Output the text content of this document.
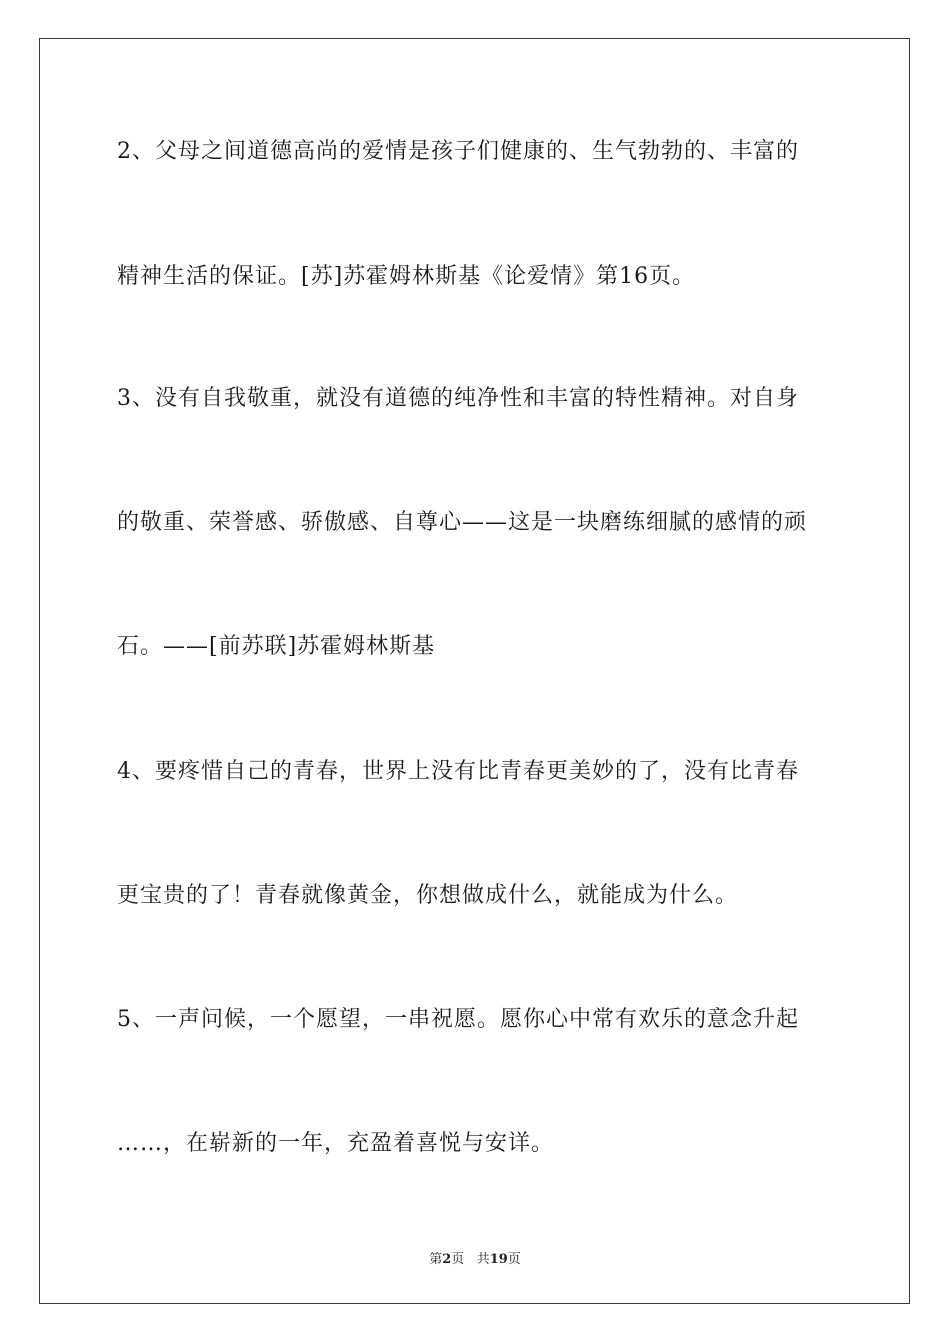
2、父母之间道德高尚的爱情是孩子们健康的、生气勃勃的、丰富的
精神生活的保证。[苏]苏霍姆林斯基《论爱情》第16页。
3、没有自我敬重，就没有道德的纯净性和丰富的特性精神。对自身
的敬重、荣誉感、骄傲感、自尊心——这是一块磨练细腻的感情的顽
石。——[前苏联]苏霍姆林斯基
4、要疼惜自己的青春，世界上没有比青春更美妙的了，没有比青春
更宝贵的了！青春就像黄金，你想做成什么，就能成为什么。
5、一声问候，一个愿望，一串祝愿。愿你心中常有欢乐的意念升起
……，在崭新的一年，充盈着喜悦与安详。
第2页 共19页
